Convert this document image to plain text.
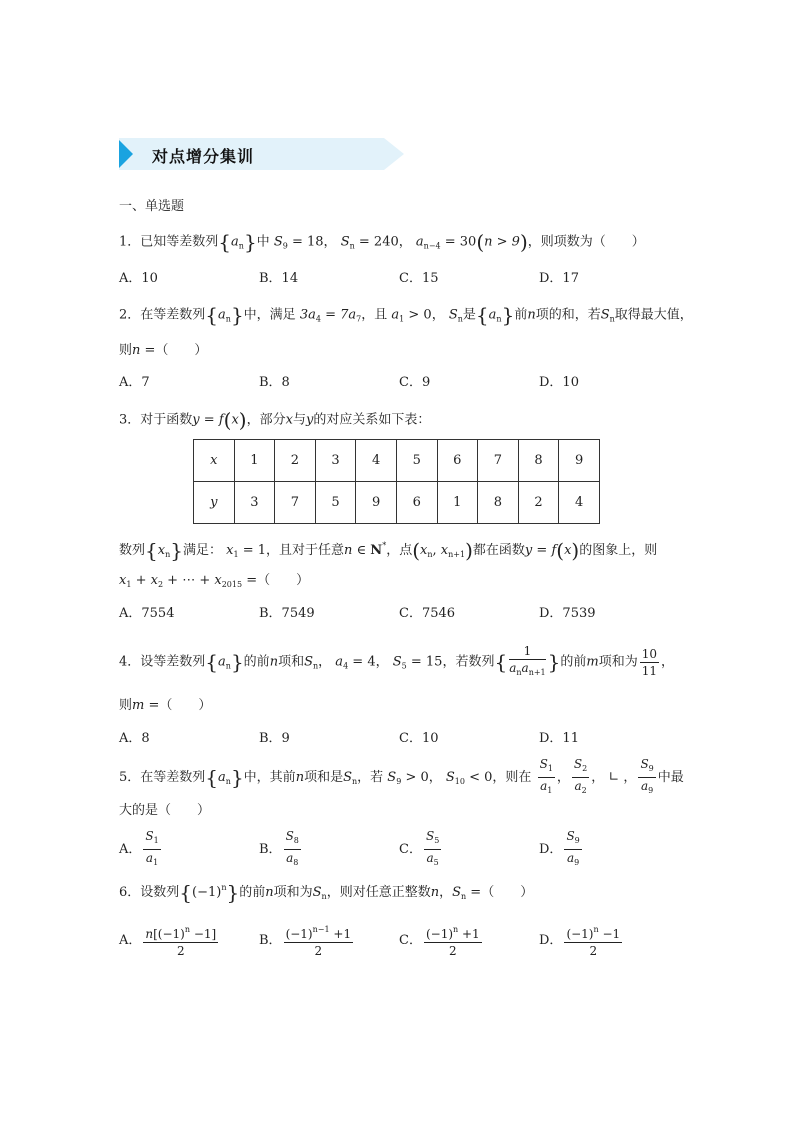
对点增分集训
一、单选题
1．已知等差数列$\{a_n\}$中 $S_9 = 18$， $S_n = 240$， $a_{n-4} = 30(n > 9)$，则项数为（　　）
A．10	B．14	C．15	D．17
2．在等差数列$\{a_n\}$中，满足 $3a_4 = 7a_7$，且 $a_1 > 0$， $S_n$是$\{a_n\}$前n项的和，若$S_n$取得最大值，
则n =（　　）
A．7	B．8	C．9	D．10
3．对于函数y = f(x)，部分x与y的对应关系如下表：
x	1	2	3	4	5	6	7	8	9
y	3	7	5	9	6	1	8	2	4
数列$\{x_n\}$满足： $x_1 = 1$，且对于任意n ∈ N*，点($x_n$, $x_{n+1}$)都在函数y = f(x)的图象上，则
$x_1 + x_2$ + ⋯ + $x_{2015}$ =（　　）
A．7554	B．7549	C．7546	D．7539
4．设等差数列$\{a_n\}$的前n项和$S_n$， $a_4 = 4$， $S_5 = 15$，若数列{ $\frac{1}{a_na_{n+1}}$ }的前m项和为 $\frac{10}{11}$ ，
则m =（　　）
A．8	B．9	C．10	D．11
5．在等差数列$\{a_n\}$中，其前n项和是$S_n$，若 $S_9 > 0$， $S_{10} < 0$，则在 $\frac{S_1}{a_1}$ ， $\frac{S_2}{a_2}$ ， ∟ ， $\frac{S_9}{a_9}$ 中最
大的是（　　）
A． $\frac{S_1}{a_1}$	B． $\frac{S_8}{a_8}$	C． $\frac{S_5}{a_5}$	D． $\frac{S_9}{a_9}$
6．设数列$\{(-1)^n\}$的前n项和为$S_n$，则对任意正整数n，$S_n$ =（　　）
A． $\frac{n[(-1)^n -1]}{2}$	B． $\frac{(-1)^{n-1} +1}{2}$	C． $\frac{(-1)^n +1}{2}$	D． $\frac{(-1)^n -1}{2}$
